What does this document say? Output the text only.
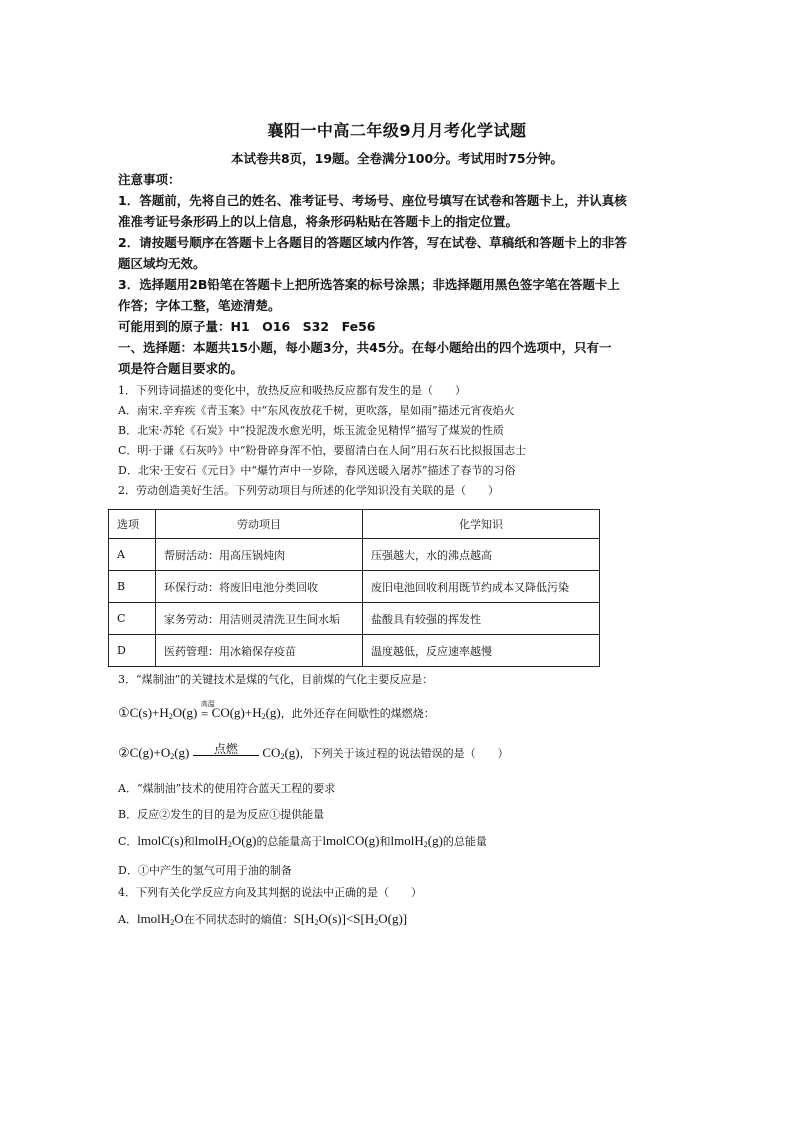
襄阳一中高二年级9月月考化学试题
本试卷共8页，19题。全卷满分100分。考试用时75分钟。

注意事项：

1．答题前，先将自己的姓名、准考证号、考场号、座位号填写在试卷和答题卡上，并认真核

准准考证号条形码上的以上信息，将条形码粘贴在答题卡上的指定位置。

2．请按题号顺序在答题卡上各题目的答题区域内作答，写在试卷、草稿纸和答题卡上的非答

题区域均无效。

3．选择题用2B铅笔在答题卡上把所选答案的标号涂黑；非选择题用黑色签字笔在答题卡上

作答；字体工整，笔迹清楚。

可能用到的原子量：H1　O16　S32　Fe56

一、选择题：本题共15小题，每小题3分，共45分。在每小题给出的四个选项中，只有一

项是符合题目要求的。

1．下列诗词描述的变化中，放热反应和吸热反应都有发生的是（　　）

A．南宋.辛弃疾《青玉案》中“东风夜放花千树，更吹落，星如雨”描述元宵夜焰火

B．北宋·苏轮《石炭》中“投泥泼水愈光明，烁玉流金见精悍”描写了煤炭的性质

C．明·于谦《石灰吟》中“粉骨碎身浑不怕，要留清白在人间”用石灰石比拟报国志士

D．北宋·王安石《元日》中“爆竹声中一岁除，春风送暖入屠苏”描述了春节的习俗

2．劳动创造美好生活。下列劳动项目与所述的化学知识没有关联的是（　　）

选项	劳动项目	化学知识
A	帮厨活动：用高压锅炖肉	压强越大，水的沸点越高
B	环保行动：将废旧电池分类回收	废旧电池回收利用既节约成本又降低污染
C	家务劳动：用洁则灵清洗卫生间水垢	盐酸具有较强的挥发性
D	医药管理：用冰箱保存疫苗	温度越低，反应速率越慢

3．“煤制油”的关键技术是煤的气化，目前煤的气化主要反应是：

$①C(s)+H_2O(g)$
高温
= $CO(g)+H_2(g)$，此外还存在间歇性的煤燃烧：

$②C(g)+O_2(g)$	点燃	$CO_2(g)$，下列关于该过程的说法错误的是（　　）

A．“煤制油”技术的使用符合蓝天工程的要求

B．反应②发生的目的是为反应①提供能量

C．lmolC(s)和lmolH$_2$O(g)的总能量高于lmolCO(g)和lmolH$_2$(g)的总能量

D．①中产生的氢气可用于油的制备

4．下列有关化学反应方向及其判据的说法中正确的是（　　）

A．lmolH$_2$O在不同状态时的熵值：$S[H_2O(s)]<S[H_2O(g)]$
